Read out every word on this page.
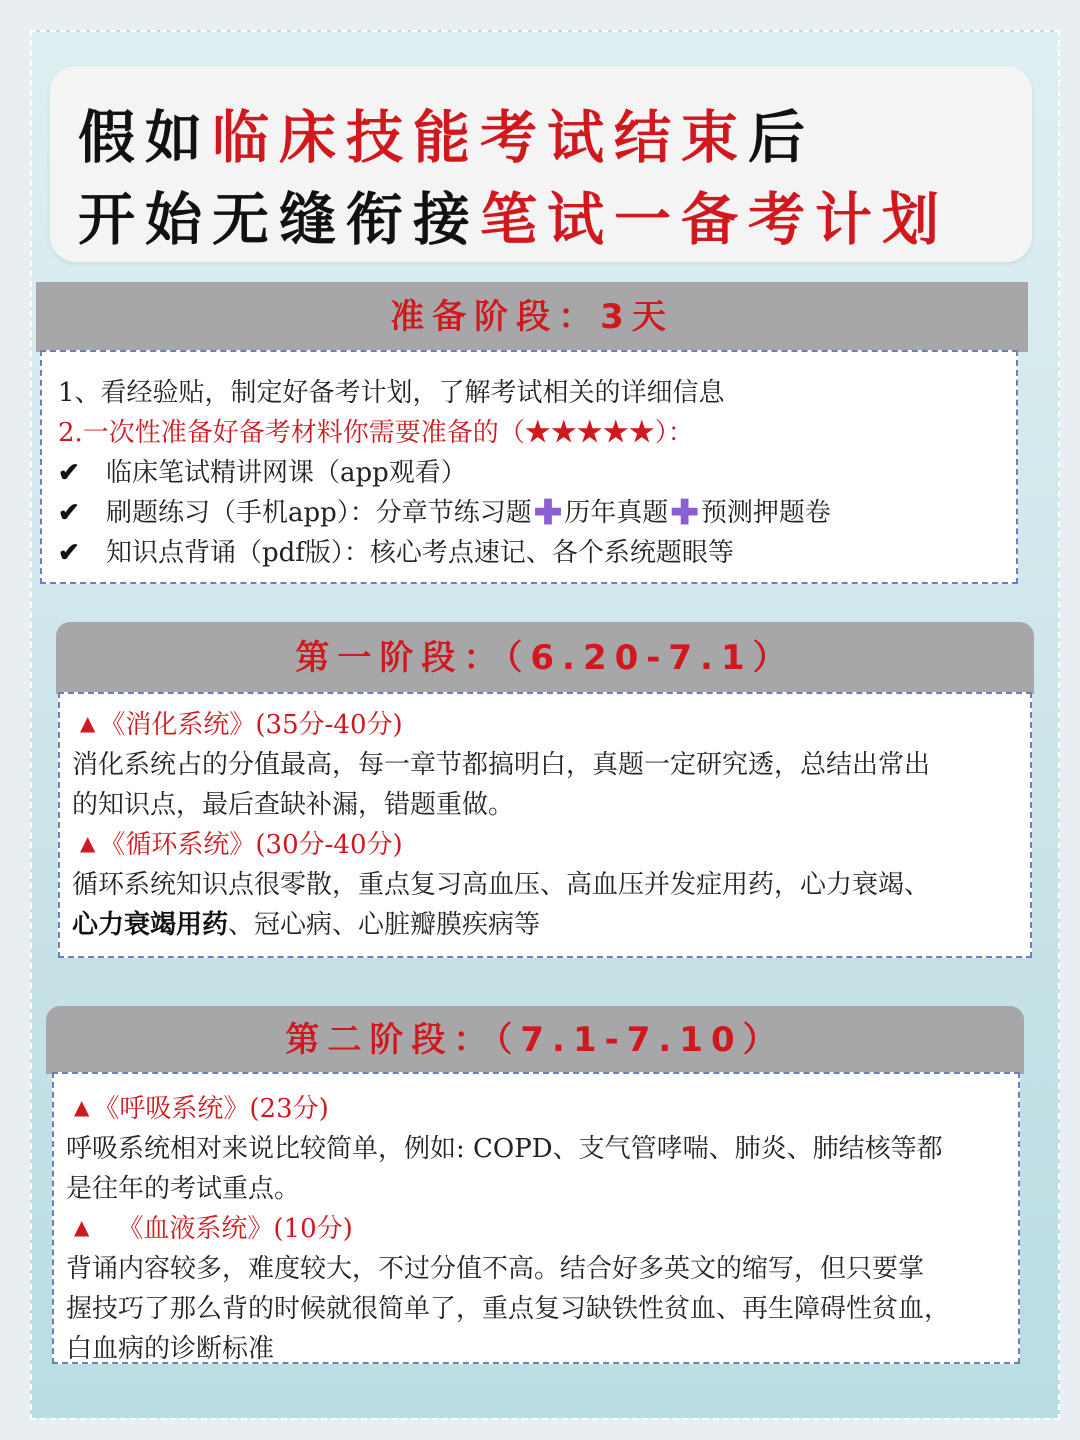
假如临床技能考试结束后
开始无缝衔接笔试一备考计划
准备阶段：3天
1、看经验贴，制定好备考计划，了解考试相关的详细信息
2.一次性准备好备考材料你需要准备的（★★★★★）：
✔ 临床笔试精讲网课（app观看）
✔ 刷题练习（手机app）：分章节练习题✚历年真题✚预测押题卷
✔ 知识点背诵（pdf版）：核心考点速记、各个系统题眼等
第一阶段：（6.20-7.1）
▲ 《消化系统》(35分-40分)
消化系统占的分值最高，每一章节都搞明白，真题一定研究透，总结出常出
的知识点，最后查缺补漏，错题重做。
▲ 《循环系统》(30分-40分)
循环系统知识点很零散，重点复习高血压、高血压并发症用药，心力衰竭、
心力衰竭用药、冠心病、心脏瓣膜疾病等
第二阶段：（7.1-7.10）
▲ 《呼吸系统》(23分)
呼吸系统相对来说比较简单，例如: COPD、支气管哮喘、肺炎、肺结核等都
是往年的考试重点。
▲ 《血液系统》(10分)
背诵内容较多，难度较大，不过分值不高。结合好多英文的缩写，但只要掌
握技巧了那么背的时候就很简单了，重点复习缺铁性贫血、再生障碍性贫血，
白血病的诊断标准
